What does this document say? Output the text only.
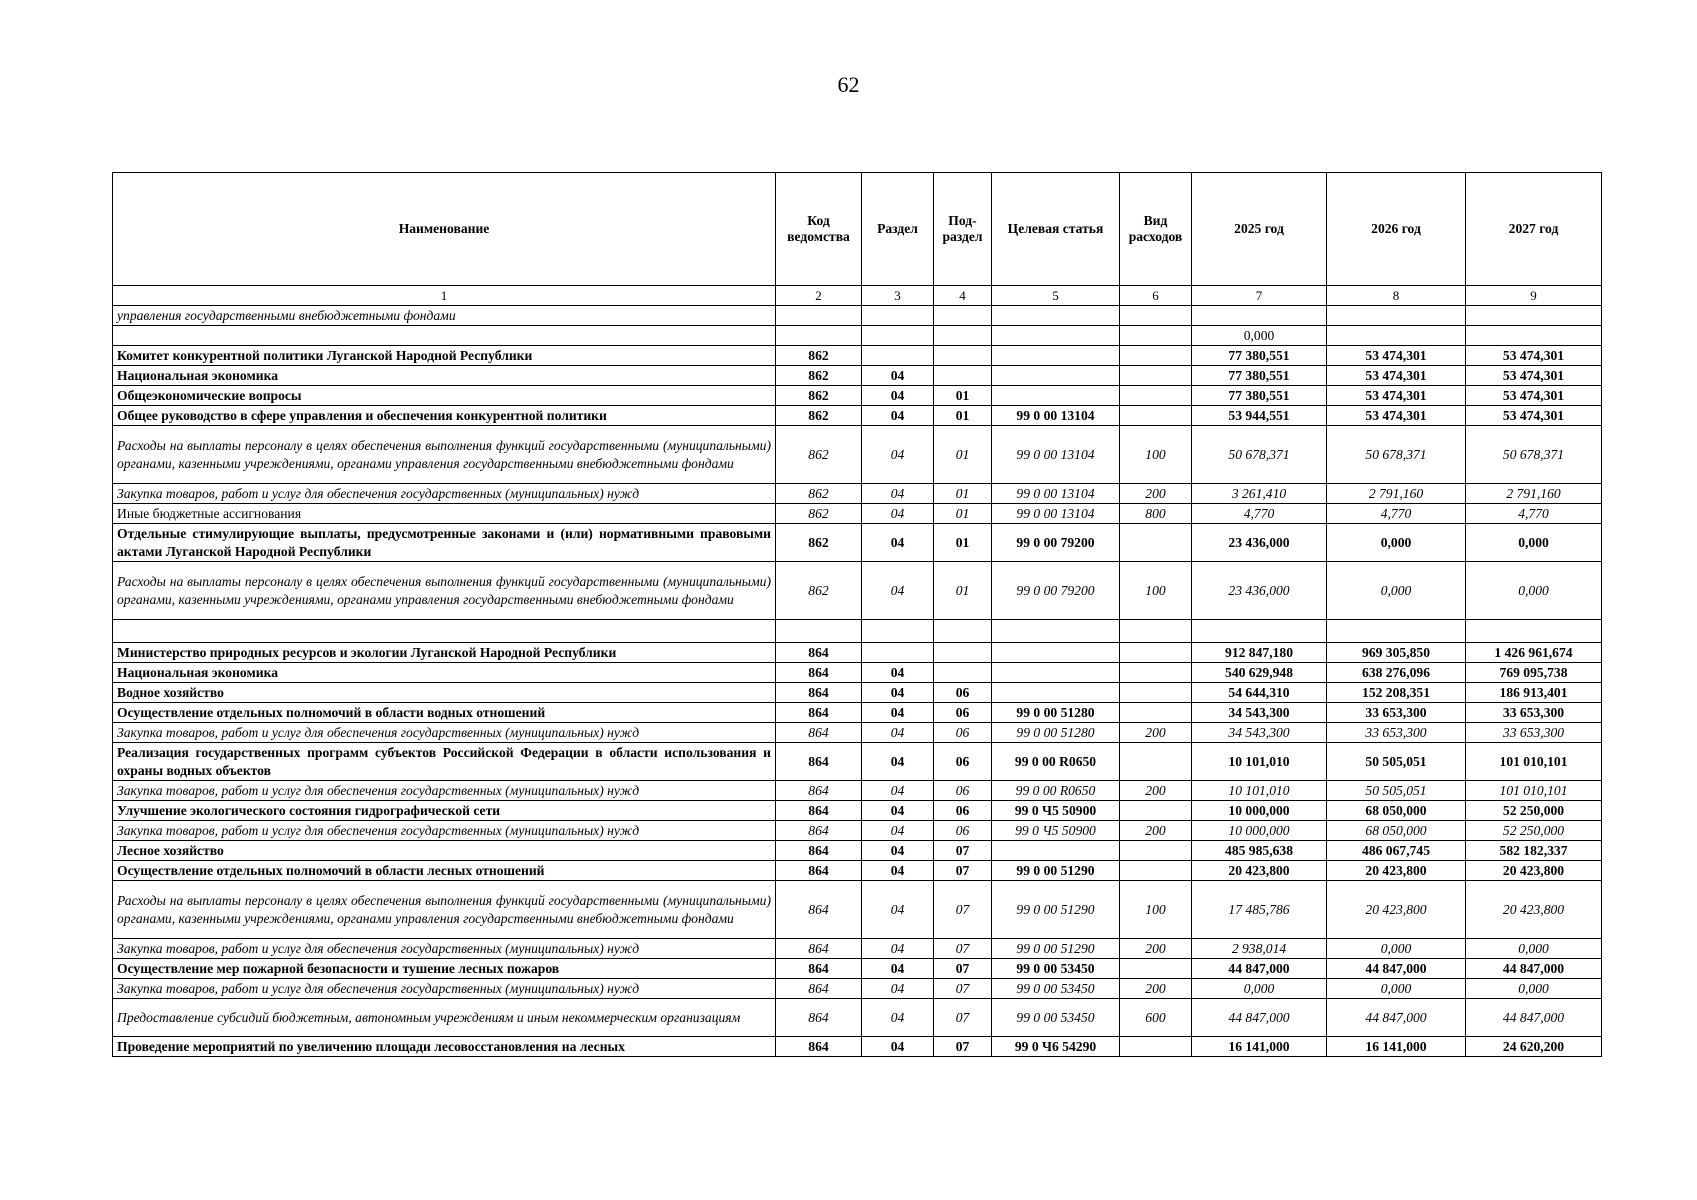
62
Наименование	Код ведомства	Раздел	Под-раздел	Целевая статья	Вид расходов	2025 год	2026 год	2027 год
1	2	3	4	5	6	7	8	9
управления государственными внебюджетными фондами								
						0,000		
Комитет конкурентной политики Луганской Народной Республики	862					77 380,551	53 474,301	53 474,301
Национальная экономика	862	04				77 380,551	53 474,301	53 474,301
Общеэкономические вопросы	862	04	01			77 380,551	53 474,301	53 474,301
Общее руководство в сфере управления и обеспечения конкурентной политики	862	04	01	99 0 00 13104		53 944,551	53 474,301	53 474,301
Расходы на выплаты персоналу в целях обеспечения выполнения функций государственными (муниципальными) органами, казенными учреждениями, органами управления государственными внебюджетными фондами	862	04	01	99 0 00 13104	100	50 678,371	50 678,371	50 678,371
Закупка товаров, работ и услуг для обеспечения государственных (муниципальных) нужд	862	04	01	99 0 00 13104	200	3 261,410	2 791,160	2 791,160
Иные бюджетные ассигнования	862	04	01	99 0 00 13104	800	4,770	4,770	4,770
Отдельные стимулирующие выплаты, предусмотренные законами и (или) нормативными правовыми актами Луганской Народной Республики	862	04	01	99 0 00 79200		23 436,000	0,000	0,000
Расходы на выплаты персоналу в целях обеспечения выполнения функций государственными (муниципальными) органами, казенными учреждениями, органами управления государственными внебюджетными фондами	862	04	01	99 0 00 79200	100	23 436,000	0,000	0,000

Министерство природных ресурсов и экологии Луганской Народной Республики	864					912 847,180	969 305,850	1 426 961,674
Национальная экономика	864	04				540 629,948	638 276,096	769 095,738
Водное хозяйство	864	04	06			54 644,310	152 208,351	186 913,401
Осуществление отдельных полномочий в области водных отношений	864	04	06	99 0 00 51280		34 543,300	33 653,300	33 653,300
Закупка товаров, работ и услуг для обеспечения государственных (муниципальных) нужд	864	04	06	99 0 00 51280	200	34 543,300	33 653,300	33 653,300
Реализация государственных программ субъектов Российской Федерации в области использования и охраны водных объектов	864	04	06	99 0 00 R0650		10 101,010	50 505,051	101 010,101
Закупка товаров, работ и услуг для обеспечения государственных (муниципальных) нужд	864	04	06	99 0 00 R0650	200	10 101,010	50 505,051	101 010,101
Улучшение экологического состояния гидрографической сети	864	04	06	99 0 Ч5 50900		10 000,000	68 050,000	52 250,000
Закупка товаров, работ и услуг для обеспечения государственных (муниципальных) нужд	864	04	06	99 0 Ч5 50900	200	10 000,000	68 050,000	52 250,000
Лесное хозяйство	864	04	07			485 985,638	486 067,745	582 182,337
Осуществление отдельных полномочий в области лесных отношений	864	04	07	99 0 00 51290		20 423,800	20 423,800	20 423,800
Расходы на выплаты персоналу в целях обеспечения выполнения функций государственными (муниципальными) органами, казенными учреждениями, органами управления государственными внебюджетными фондами	864	04	07	99 0 00 51290	100	17 485,786	20 423,800	20 423,800
Закупка товаров, работ и услуг для обеспечения государственных (муниципальных) нужд	864	04	07	99 0 00 51290	200	2 938,014	0,000	0,000
Осуществление мер пожарной безопасности и тушение лесных пожаров	864	04	07	99 0 00 53450		44 847,000	44 847,000	44 847,000
Закупка товаров, работ и услуг для обеспечения государственных (муниципальных) нужд	864	04	07	99 0 00 53450	200	0,000	0,000	0,000
Предоставление субсидий бюджетным, автономным учреждениям и иным некоммерческим организациям	864	04	07	99 0 00 53450	600	44 847,000	44 847,000	44 847,000
Проведение мероприятий по увеличению площади лесовосстановления на лесных	864	04	07	99 0 Ч6 54290		16 141,000	16 141,000	24 620,200
